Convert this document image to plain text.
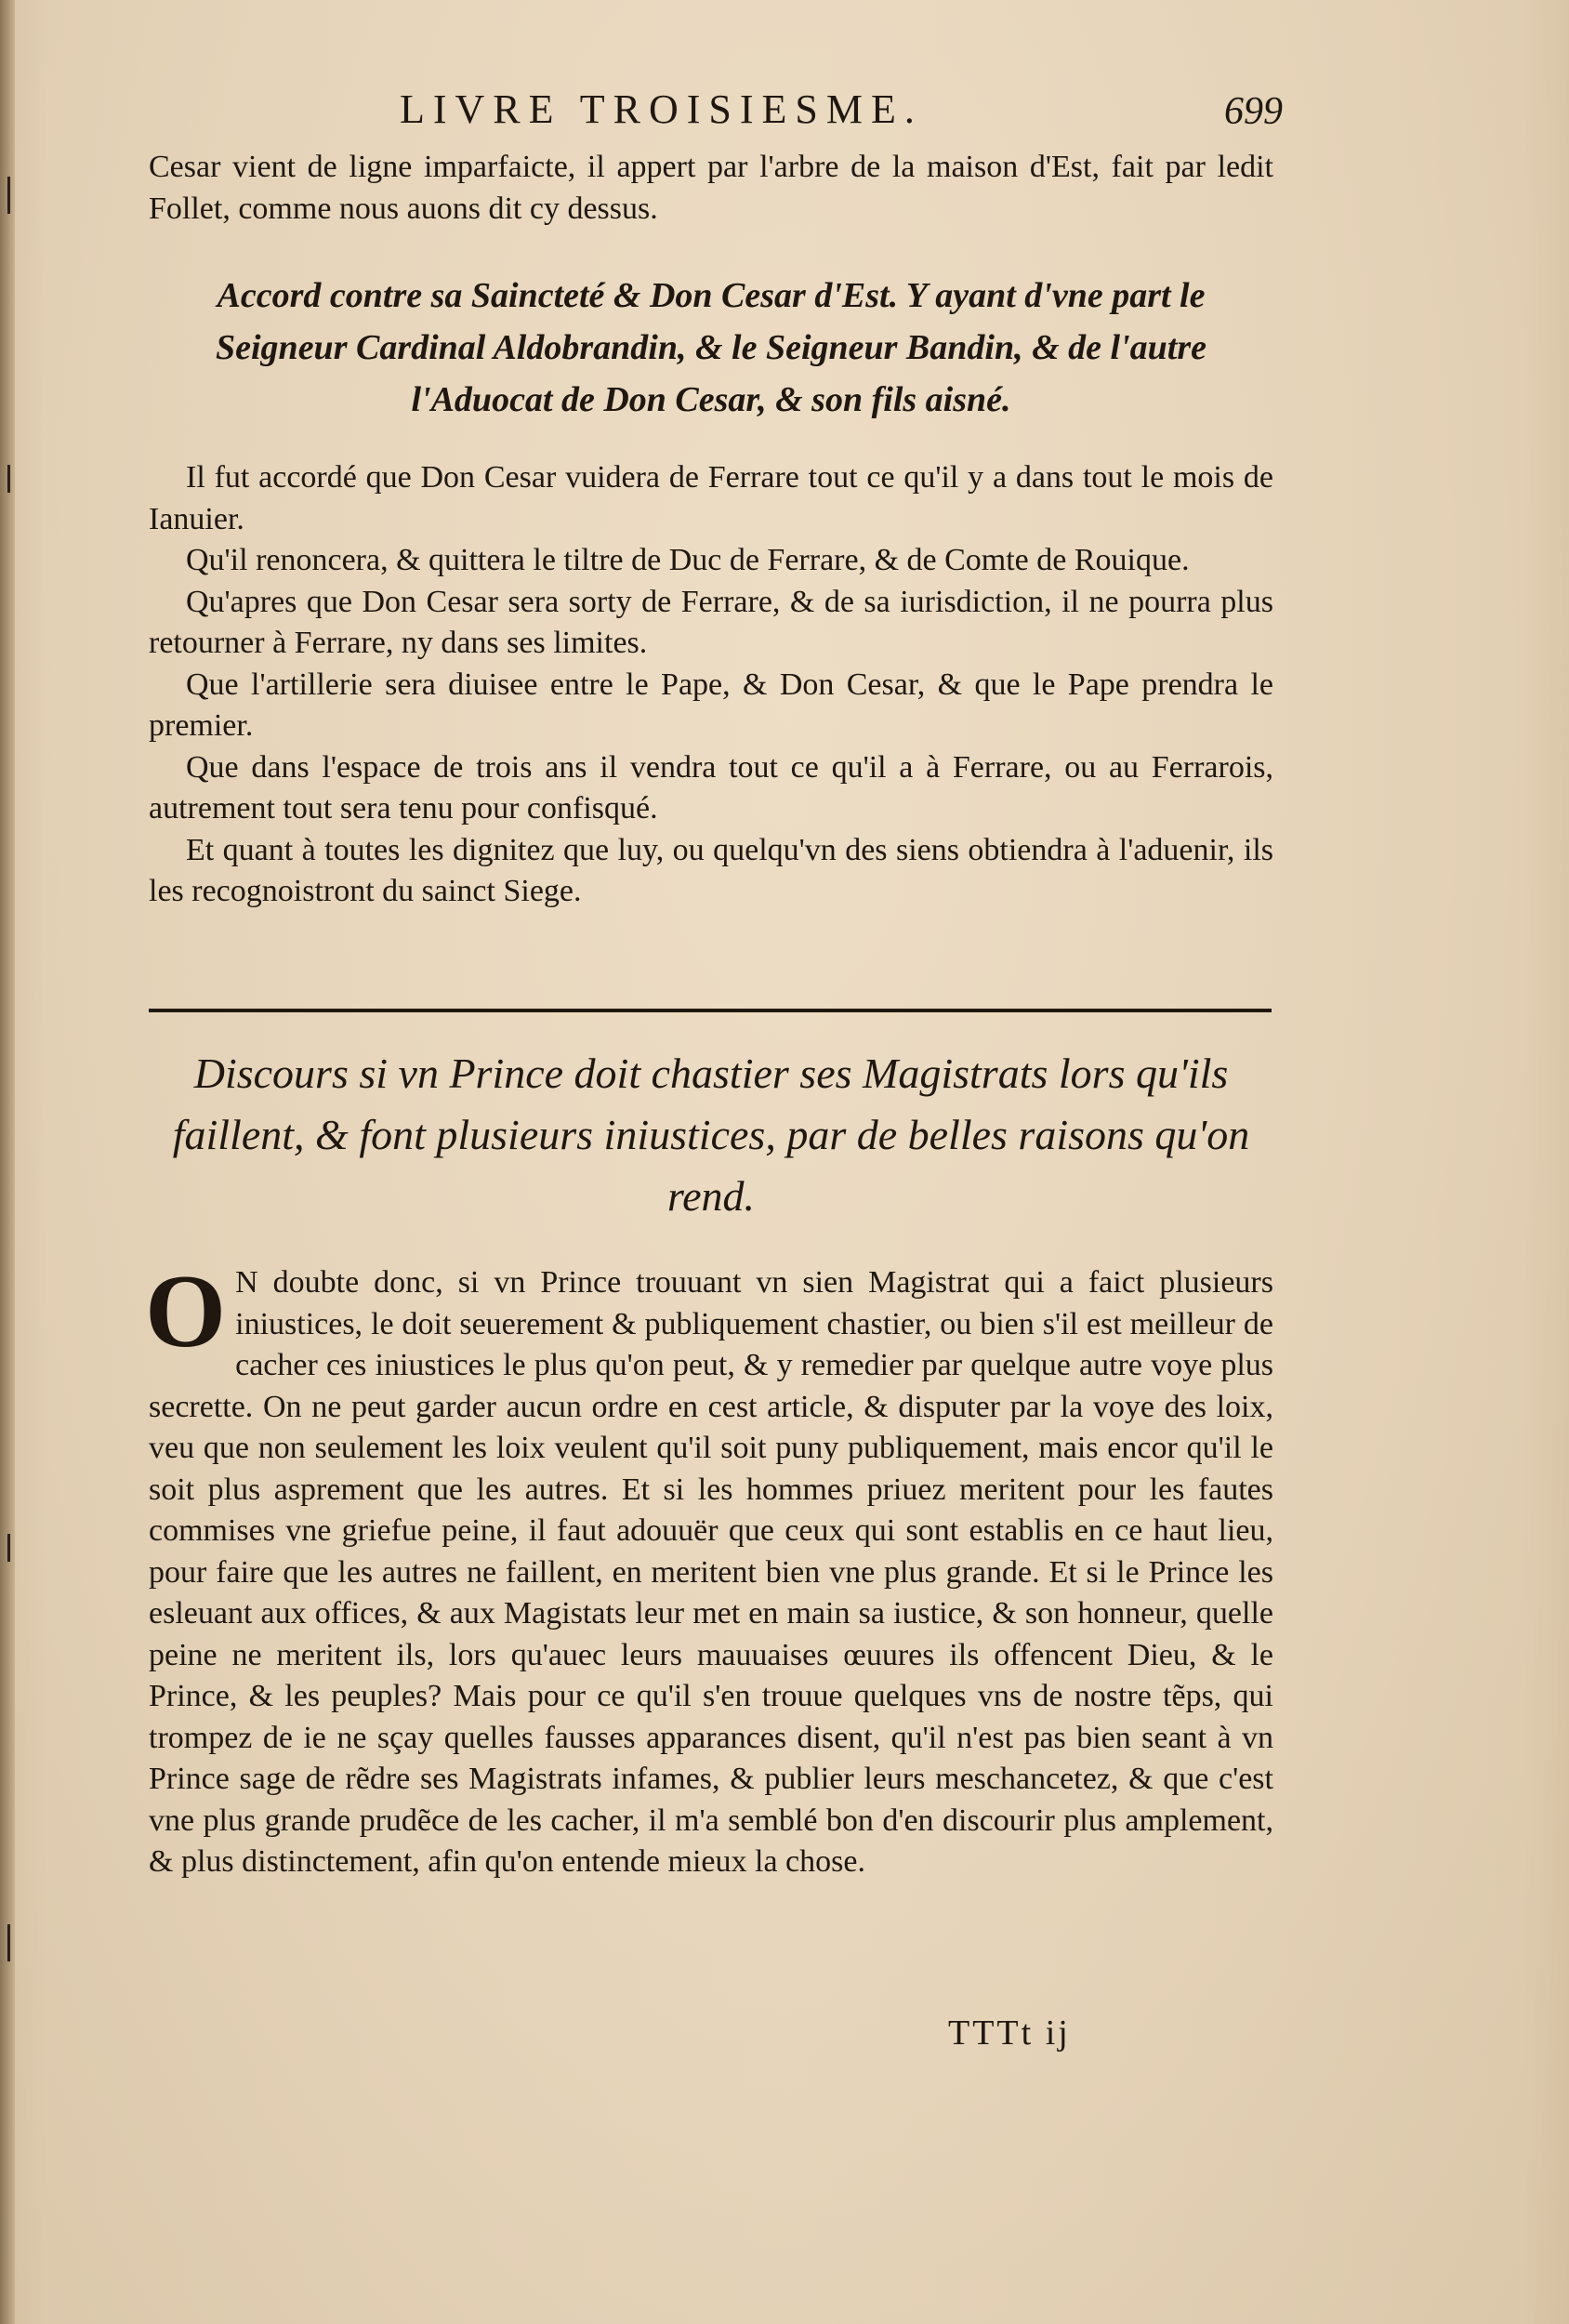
LIVRE TROISIESME.	699
Cesar vient de ligne imparfaicte, il appert par l'arbre de la maison d'Est, fait par ledit Follet, comme nous auons dit cy dessus.
Accord contre sa Saincteté & Don Cesar d'Est. Y ayant d'vne part le Seigneur Cardinal Aldobrandin, & le Seigneur Bandin, & de l'autre l'Aduocat de Don Cesar, & son fils aisné.

Il fut accordé que Don Cesar vuidera de Ferrare tout ce qu'il y a dans tout le mois de Ianuier.

Qu'il renoncera, & quittera le tiltre de Duc de Ferrare, & de Comte de Rouique.

Qu'apres que Don Cesar sera sorty de Ferrare, & de sa iurisdiction, il ne pourra plus retourner à Ferrare, ny dans ses limites.

Que l'artillerie sera diuisee entre le Pape, & Don Cesar, & que le Pape prendra le premier.

Que dans l'espace de trois ans il vendra tout ce qu'il a à Ferrare, ou au Ferrarois, autrement tout sera tenu pour confisqué.

Et quant à toutes les dignitez que luy, ou quelqu'vn des siens obtiendra à l'aduenir, ils les recognoistront du sainct Siege.

Discours si vn Prince doit chastier ses Magistrats lors qu'ils faillent, & font plusieurs iniustices, par de belles raisons qu'on rend.
O N doubte donc, si vn Prince trouuant vn sien Magistrat qui a faict plusieurs iniustices, le doit seuerement & publiquement chastier, ou bien s'il est meilleur de cacher ces iniustices le plus qu'on peut, & y remedier par quelque autre voye plus secrette. On ne peut garder aucun ordre en cest article, & disputer par la voye des loix, veu que non seulement les loix veulent qu'il soit puny publiquement, mais encor qu'il le soit plus asprement que les autres. Et si les hommes priuez meritent pour les fautes commises vne griefue peine, il faut adouuër que ceux qui sont establis en ce haut lieu, pour faire que les autres ne faillent, en meritent bien vne plus grande. Et si le Prince les esleuant aux offices, & aux Magistats leur met en main sa iustice, & son honneur, quelle peine ne meritent ils, lors qu'auec leurs mauuaises œuures ils offencent Dieu, & le Prince, & les peuples? Mais pour ce qu'il s'en trouue quelques vns de nostre tẽps, qui trompez de ie ne sçay quelles fausses apparances disent, qu'il n'est pas bien seant à vn Prince sage de rẽdre ses Magistrats infames, & publier leurs meschancetez, & que c'est vne plus grande prudẽce de les cacher, il m'a semblé bon d'en discourir plus amplement, & plus distinctement, afin qu'on entende mieux la chose.

TTTt ij
